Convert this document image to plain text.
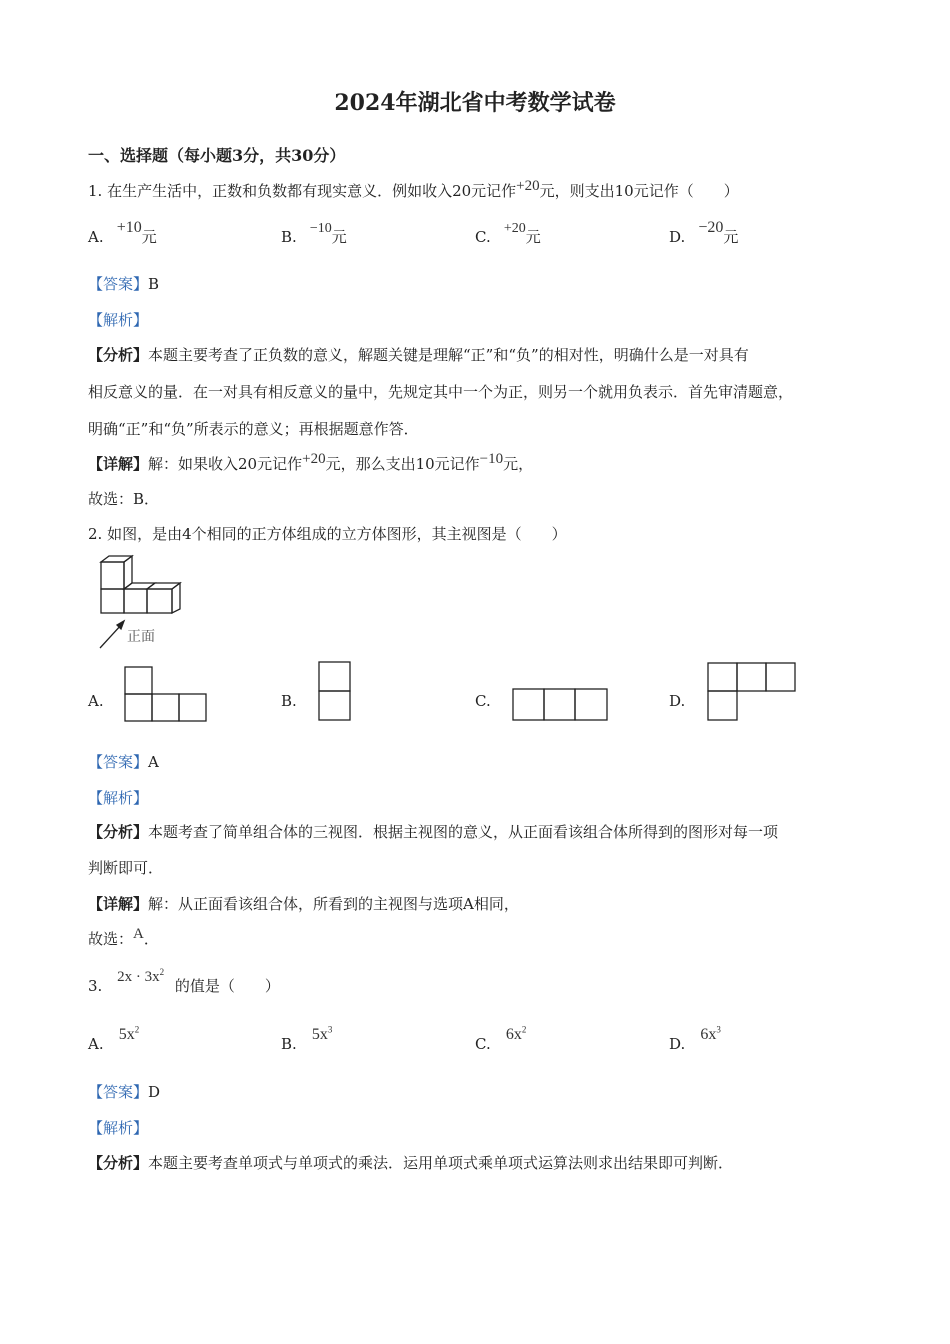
2024年湖北省中考数学试卷
一、选择题（每小题3分，共30分）
1. 在生产生活中，正数和负数都有现实意义．例如收入20元记作+20元，则支出10元记作（　　）
A. +10元	B. −10元	C. +20元	D. −20元
【答案】B
【解析】
【分析】本题主要考查了正负数的意义，解题关键是理解“正”和“负”的相对性，明确什么是一对具有
相反意义的量．在一对具有相反意义的量中，先规定其中一个为正，则另一个就用负表示．首先审清题意，
明确“正”和“负”所表示的意义；再根据题意作答．
【详解】解：如果收入20元记作+20元，那么支出10元记作−10元，
故选：B．
2. 如图，是由4个相同的正方体组成的立方体图形，其主视图是（　　）
正面
A.	B.	C.	D.
【答案】A
【解析】
【分析】本题考查了简单组合体的三视图．根据主视图的意义，从正面看该组合体所得到的图形对每一项
判断即可．
【详解】解：从正面看该组合体，所看到的主视图与选项A相同，
故选：A．
3. $2x \cdot 3x^2$ 的值是（　　）
A. $5x^2$
B. $5x^3$
C. $6x^2$
D. $6x^3$
【答案】D
【解析】
【分析】本题主要考查单项式与单项式的乘法．运用单项式乘单项式运算法则求出结果即可判断．
